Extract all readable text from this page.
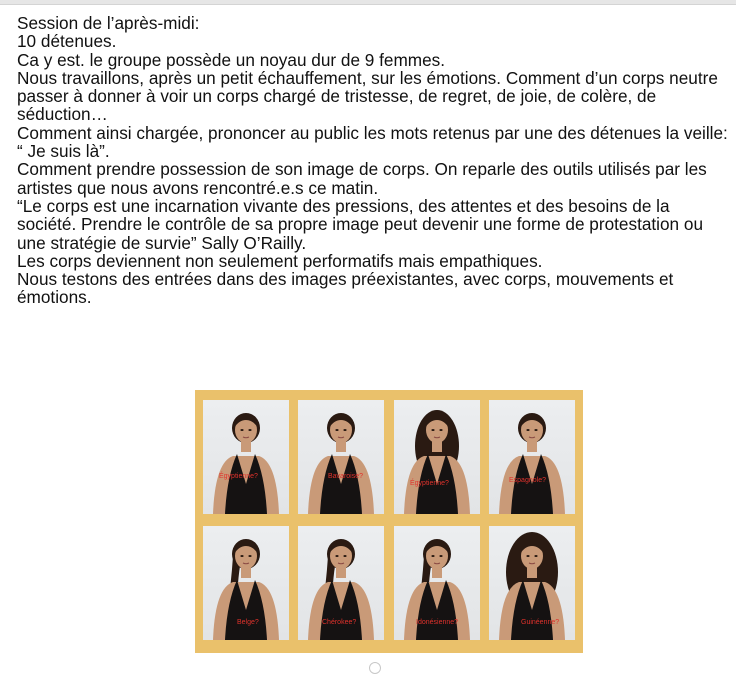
Session de l’après-midi:

10 détenues.

Ca y est. le groupe possède un noyau dur de 9 femmes.

Nous travaillons, après un petit échauffement, sur les émotions. Comment d’un corps neutre passer à donner à voir un corps chargé de tristesse, de regret, de joie, de colère, de séduction…

Comment ainsi chargée, prononcer au public les mots retenus par une des détenues la veille: “ Je suis là”.

Comment prendre possession de son image de corps. On reparle des outils utilisés par les artistes que nous avons rencontré.e.s ce matin.

“Le corps est une incarnation vivante des pressions, des attentes et des besoins de la société. Prendre le contrôle de sa propre image peut devenir une forme de protestation ou une stratégie de survie” Sally O’Railly.

Les corps deviennent non seulement performatifs mais empathiques.

Nous testons des entrées dans des images préexistantes, avec corps, mouvements et émotions.

Égyptienne?	Bavaroise?
Égyptienne?	Espagnole?
Belge?	Chérokee?	Idonésienne?	Guinéenne?
